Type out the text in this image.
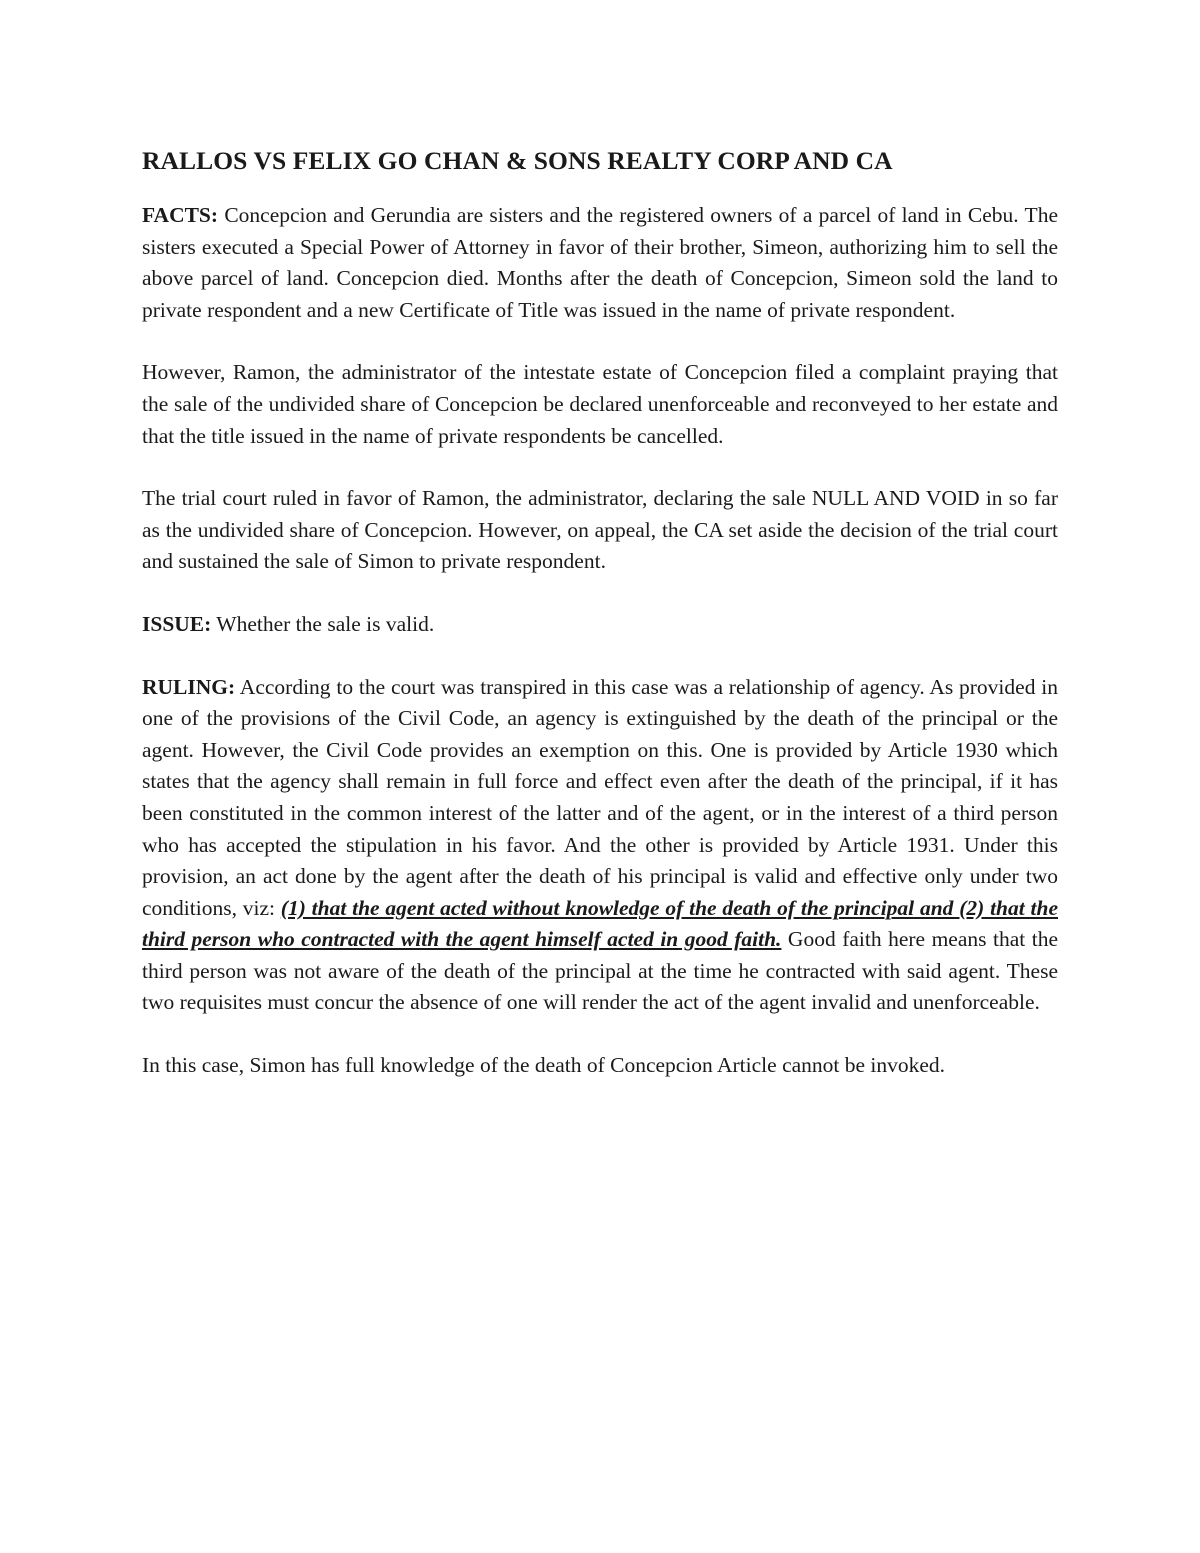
RALLOS VS FELIX GO CHAN & SONS REALTY CORP AND CA

FACTS: Concepcion and Gerundia are sisters and the registered owners of a parcel of land in Cebu. The sisters executed a Special Power of Attorney in favor of their brother, Simeon, authorizing him to sell the above parcel of land. Concepcion died. Months after the death of Concepcion, Simeon sold the land to private respondent and a new Certificate of Title was issued in the name of private respondent.

However, Ramon, the administrator of the intestate estate of Concepcion filed a complaint praying that the sale of the undivided share of Concepcion be declared unenforceable and reconveyed to her estate and that the title issued in the name of private respondents be cancelled.

The trial court ruled in favor of Ramon, the administrator, declaring the sale NULL AND VOID in so far as the undivided share of Concepcion. However, on appeal, the CA set aside the decision of the trial court and sustained the sale of Simon to private respondent.

ISSUE: Whether the sale is valid.

RULING: According to the court was transpired in this case was a relationship of agency. As provided in one of the provisions of the Civil Code, an agency is extinguished by the death of the principal or the agent. However, the Civil Code provides an exemption on this. One is provided by Article 1930 which states that the agency shall remain in full force and effect even after the death of the principal, if it has been constituted in the common interest of the latter and of the agent, or in the interest of a third person who has accepted the stipulation in his favor. And the other is provided by Article 1931. Under this provision, an act done by the agent after the death of his principal is valid and effective only under two conditions, viz: (1) that the agent acted without knowledge of the death of the principal and (2) that the third person who contracted with the agent himself acted in good faith. Good faith here means that the third person was not aware of the death of the principal at the time he contracted with said agent. These two requisites must concur the absence of one will render the act of the agent invalid and unenforceable.

In this case, Simon has full knowledge of the death of Concepcion Article cannot be invoked.
